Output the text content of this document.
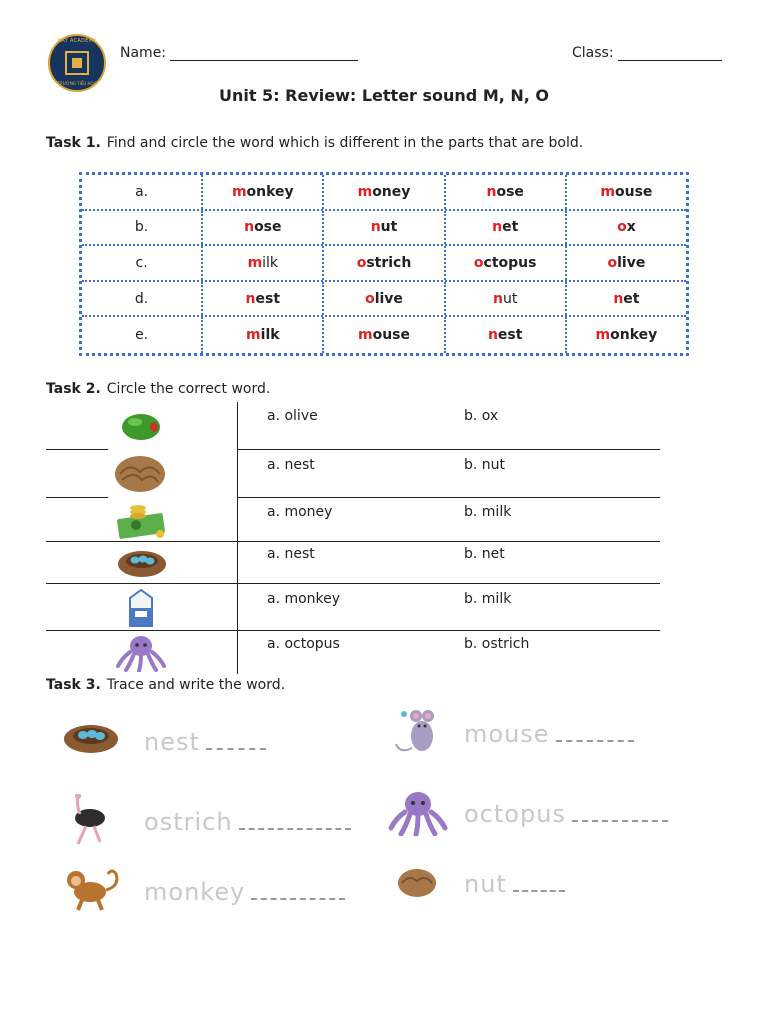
HAY ACADEMY
TRƯỜNG TIỂU HỌC
Name:	Class:
Unit 5: Review: Letter sound M, N, O
Task 1. Find and circle the word which is different in the parts that are bold.
a.	m onkey	m oney	n ose	m ouse
b.	n ose	n ut	n et	o x
c.	m ilk	o strich	o ctopus	o live
d.	n est	o live	n ut	n et
e.	m ilk	m ouse	n est	m onkey
Task 2. Circle the correct word.
a. olive	b. ox
a. nest	b. nut
a. money	b. milk
a. nest	b. net
a. monkey	b. milk
a. octopus	b. ostrich
Task 3. Trace and write the word.
nest	mouse
ostrich	octopus
monkey	nut
